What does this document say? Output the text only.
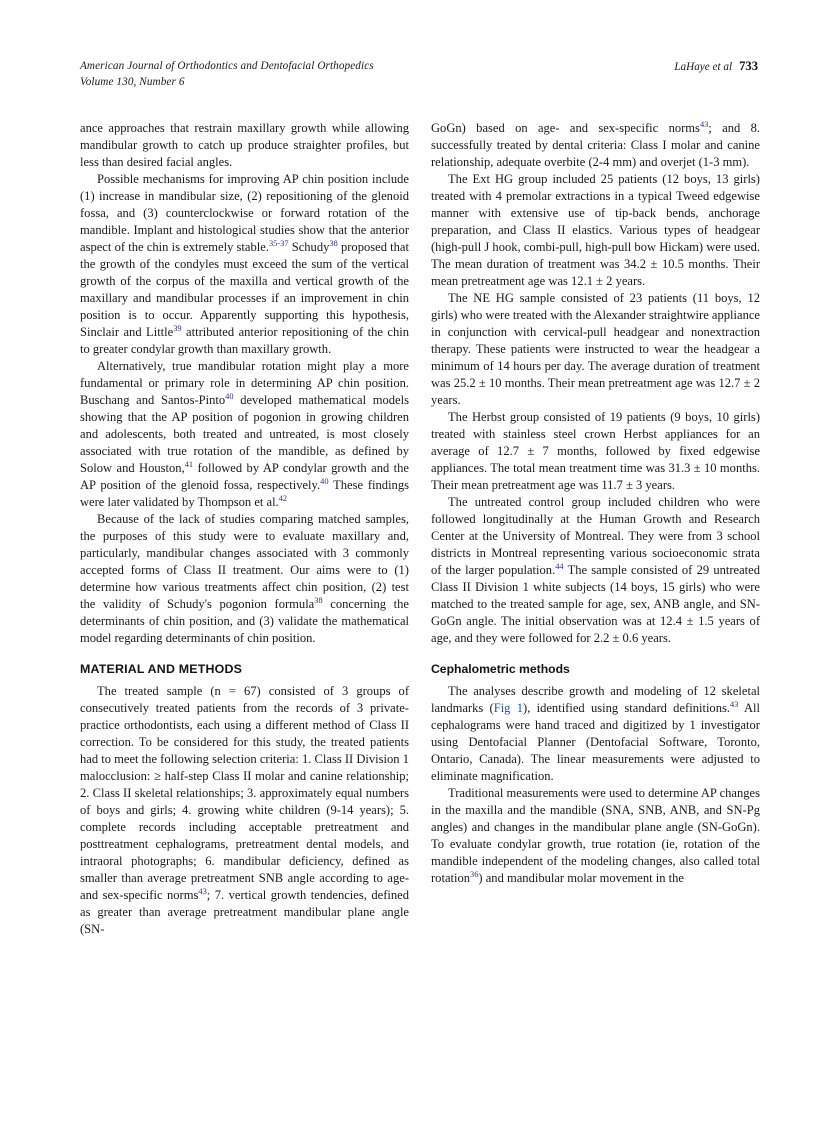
American Journal of Orthodontics and Dentofacial Orthopedics
Volume 130, Number 6
LaHaye et al 733

ance approaches that restrain maxillary growth while allowing mandibular growth to catch up produce straighter profiles, but less than desired facial angles.

Possible mechanisms for improving AP chin position include (1) increase in mandibular size, (2) repositioning of the glenoid fossa, and (3) counterclockwise or forward rotation of the mandible. Implant and histological studies show that the anterior aspect of the chin is extremely stable.$^{35-37}$ Schudy$^{38}$ proposed that the growth of the condyles must exceed the sum of the vertical growth of the corpus of the maxilla and vertical growth of the maxillary and mandibular processes if an improvement in chin position is to occur. Apparently supporting this hypothesis, Sinclair and Little$^{39}$ attributed anterior repositioning of the chin to greater condylar growth than maxillary growth.

Alternatively, true mandibular rotation might play a more fundamental or primary role in determining AP chin position. Buschang and Santos-Pinto$^{40}$ developed mathematical models showing that the AP position of pogonion in growing children and adolescents, both treated and untreated, is most closely associated with true rotation of the mandible, as defined by Solow and Houston,$^{41}$ followed by AP condylar growth and the AP position of the glenoid fossa, respectively.$^{40}$ These findings were later validated by Thompson et al.$^{42}$

Because of the lack of studies comparing matched samples, the purposes of this study were to evaluate maxillary and, particularly, mandibular changes associated with 3 commonly accepted forms of Class II treatment. Our aims were to (1) determine how various treatments affect chin position, (2) test the validity of Schudy's pogonion formula$^{38}$ concerning the determinants of chin position, and (3) validate the mathematical model regarding determinants of chin position.

MATERIAL AND METHODS

The treated sample (n = 67) consisted of 3 groups of consecutively treated patients from the records of 3 private-practice orthodontists, each using a different method of Class II correction. To be considered for this study, the treated patients had to meet the following selection criteria: 1. Class II Division 1 malocclusion: ≥ half-step Class II molar and canine relationship; 2. Class II skeletal relationships; 3. approximately equal numbers of boys and girls; 4. growing white children (9-14 years); 5. complete records including acceptable pretreatment and posttreatment cephalograms, pretreatment dental models, and intraoral photographs; 6. mandibular deficiency, defined as smaller than average pretreatment SNB angle according to age- and sex-specific norms$^{43}$; 7. vertical growth tendencies, defined as greater than average pretreatment mandibular plane angle (SN-

GoGn) based on age- and sex-specific norms$^{43}$; and 8. successfully treated by dental criteria: Class I molar and canine relationship, adequate overbite (2-4 mm) and overjet (1-3 mm).

The Ext HG group included 25 patients (12 boys, 13 girls) treated with 4 premolar extractions in a typical Tweed edgewise manner with extensive use of tip-back bends, anchorage preparation, and Class II elastics. Various types of headgear (high-pull J hook, combi-pull, high-pull bow Hickam) were used. The mean duration of treatment was 34.2 ± 10.5 months. Their mean pretreatment age was 12.1 ± 2 years.

The NE HG sample consisted of 23 patients (11 boys, 12 girls) who were treated with the Alexander straightwire appliance in conjunction with cervical-pull headgear and nonextraction therapy. These patients were instructed to wear the headgear a minimum of 14 hours per day. The average duration of treatment was 25.2 ± 10 months. Their mean pretreatment age was 12.7 ± 2 years.

The Herbst group consisted of 19 patients (9 boys, 10 girls) treated with stainless steel crown Herbst appliances for an average of 12.7 ± 7 months, followed by fixed edgewise appliances. The total mean treatment time was 31.3 ± 10 months. Their mean pretreatment age was 11.7 ± 3 years.

The untreated control group included children who were followed longitudinally at the Human Growth and Research Center at the University of Montreal. They were from 3 school districts in Montreal representing various socioeconomic strata of the larger population.$^{44}$ The sample consisted of 29 untreated Class II Division 1 white subjects (14 boys, 15 girls) who were matched to the treated sample for age, sex, ANB angle, and SN-GoGn angle. The initial observation was at 12.4 ± 1.5 years of age, and they were followed for 2.2 ± 0.6 years.

Cephalometric methods

The analyses describe growth and modeling of 12 skeletal landmarks (Fig 1), identified using standard definitions.$^{43}$ All cephalograms were hand traced and digitized by 1 investigator using Dentofacial Planner (Dentofacial Software, Toronto, Ontario, Canada). The linear measurements were adjusted to eliminate magnification.

Traditional measurements were used to determine AP changes in the maxilla and the mandible (SNA, SNB, ANB, and SN-Pg angles) and changes in the mandibular plane angle (SN-GoGn). To evaluate condylar growth, true rotation (ie, rotation of the mandible independent of the modeling changes, also called total rotation$^{36}$) and mandibular molar movement in the
